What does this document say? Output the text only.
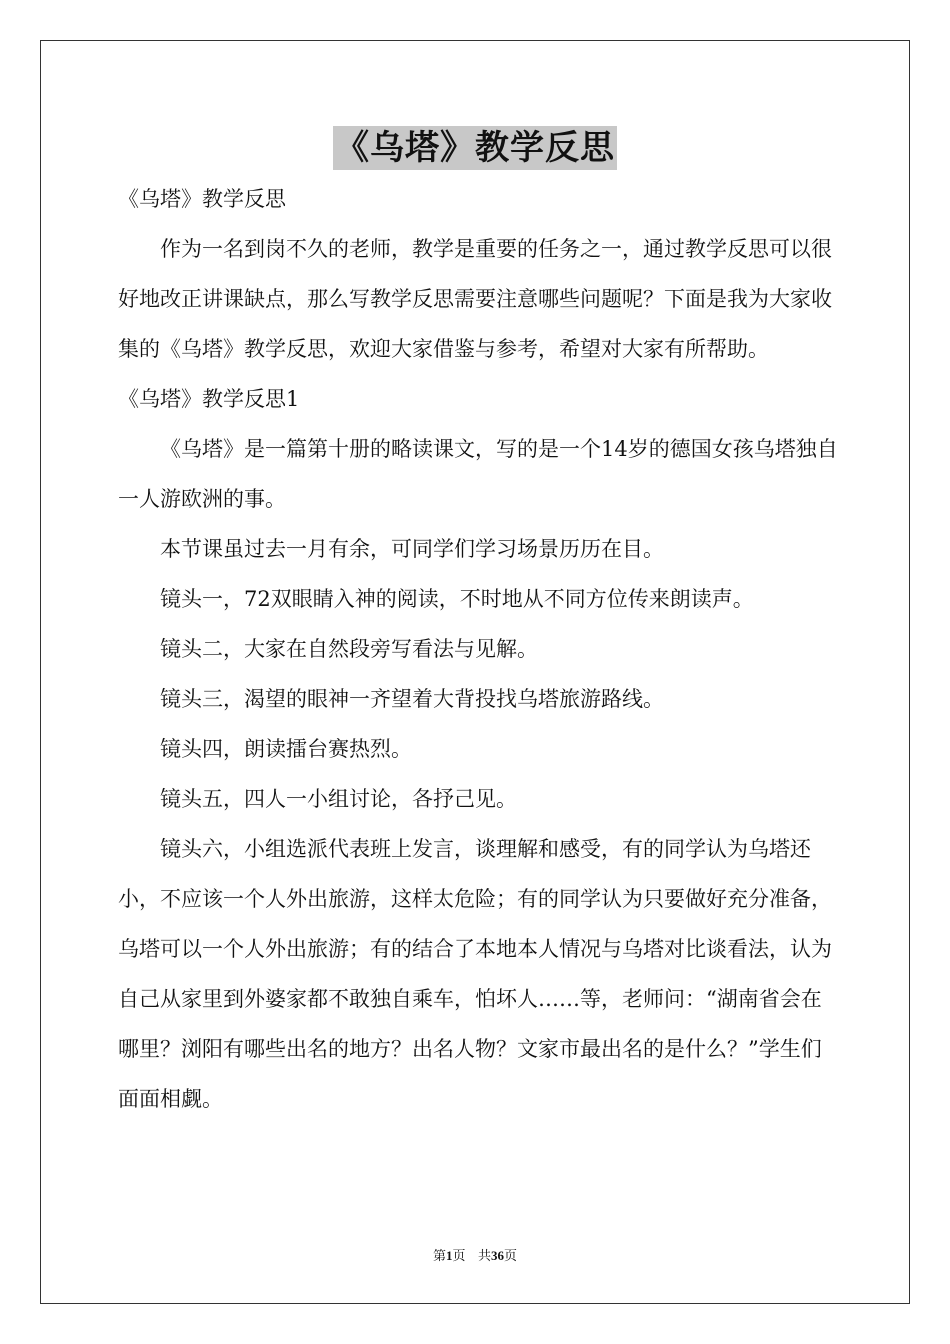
《乌塔》教学反思

《乌塔》教学反思

作为一名到岗不久的老师，教学是重要的任务之一，通过教学反思可以很好地改正讲课缺点，那么写教学反思需要注意哪些问题呢？下面是我为大家收集的《乌塔》教学反思，欢迎大家借鉴与参考，希望对大家有所帮助。

《乌塔》教学反思1

《乌塔》是一篇第十册的略读课文，写的是一个14岁的德国女孩乌塔独自一人游欧洲的事。

本节课虽过去一月有余，可同学们学习场景历历在目。

镜头一，72双眼睛入神的阅读，不时地从不同方位传来朗读声。

镜头二，大家在自然段旁写看法与见解。

镜头三，渴望的眼神一齐望着大背投找乌塔旅游路线。

镜头四，朗读擂台赛热烈。

镜头五，四人一小组讨论，各抒己见。

镜头六，小组选派代表班上发言，谈理解和感受，有的同学认为乌塔还小，不应该一个人外出旅游，这样太危险；有的同学认为只要做好充分准备，乌塔可以一个人外出旅游；有的结合了本地本人情况与乌塔对比谈看法，认为自己从家里到外婆家都不敢独自乘车，怕坏人……等，老师问：“湖南省会在哪里？浏阳有哪些出名的地方？出名人物？文家市最出名的是什么？”学生们面面相觑。

第1页 共36页
